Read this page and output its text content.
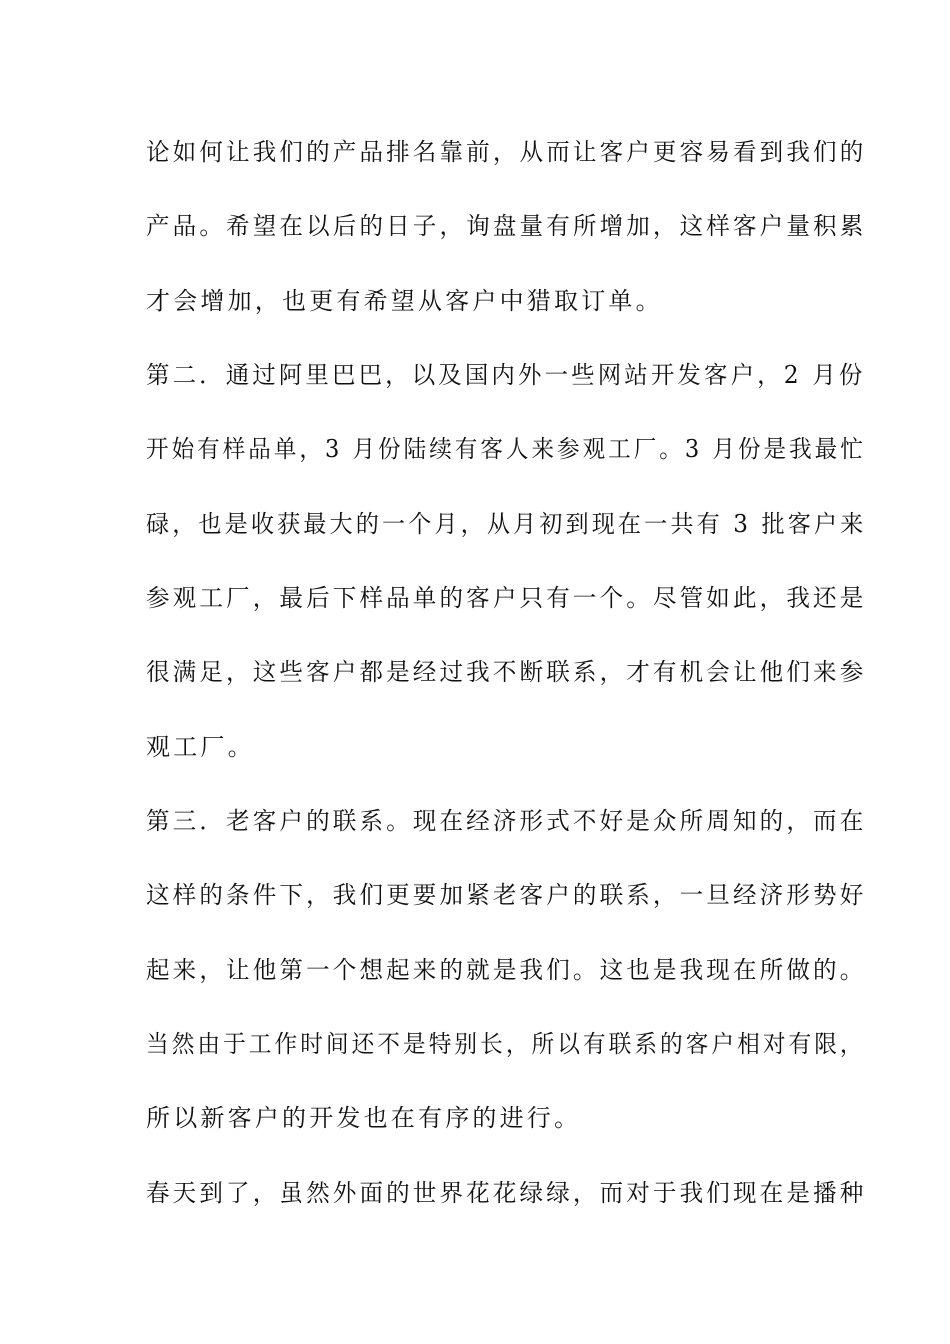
论如何让我们的产品排名靠前，从而让客户更容易看到我们的
产品。希望在以后的日子，询盘量有所增加，这样客户量积累
才会增加，也更有希望从客户中猎取订单。
第二．通过阿里巴巴，以及国内外一些网站开发客户，2 月份
开始有样品单，3 月份陆续有客人来参观工厂。3 月份是我最忙
碌，也是收获最大的一个月，从月初到现在一共有 3 批客户来
参观工厂，最后下样品单的客户只有一个。尽管如此，我还是
很满足，这些客户都是经过我不断联系，才有机会让他们来参
观工厂。
第三．老客户的联系。现在经济形式不好是众所周知的，而在
这样的条件下，我们更要加紧老客户的联系，一旦经济形势好
起来，让他第一个想起来的就是我们。这也是我现在所做的。
当然由于工作时间还不是特别长，所以有联系的客户相对有限，
所以新客户的开发也在有序的进行。
春天到了，虽然外面的世界花花绿绿，而对于我们现在是播种
